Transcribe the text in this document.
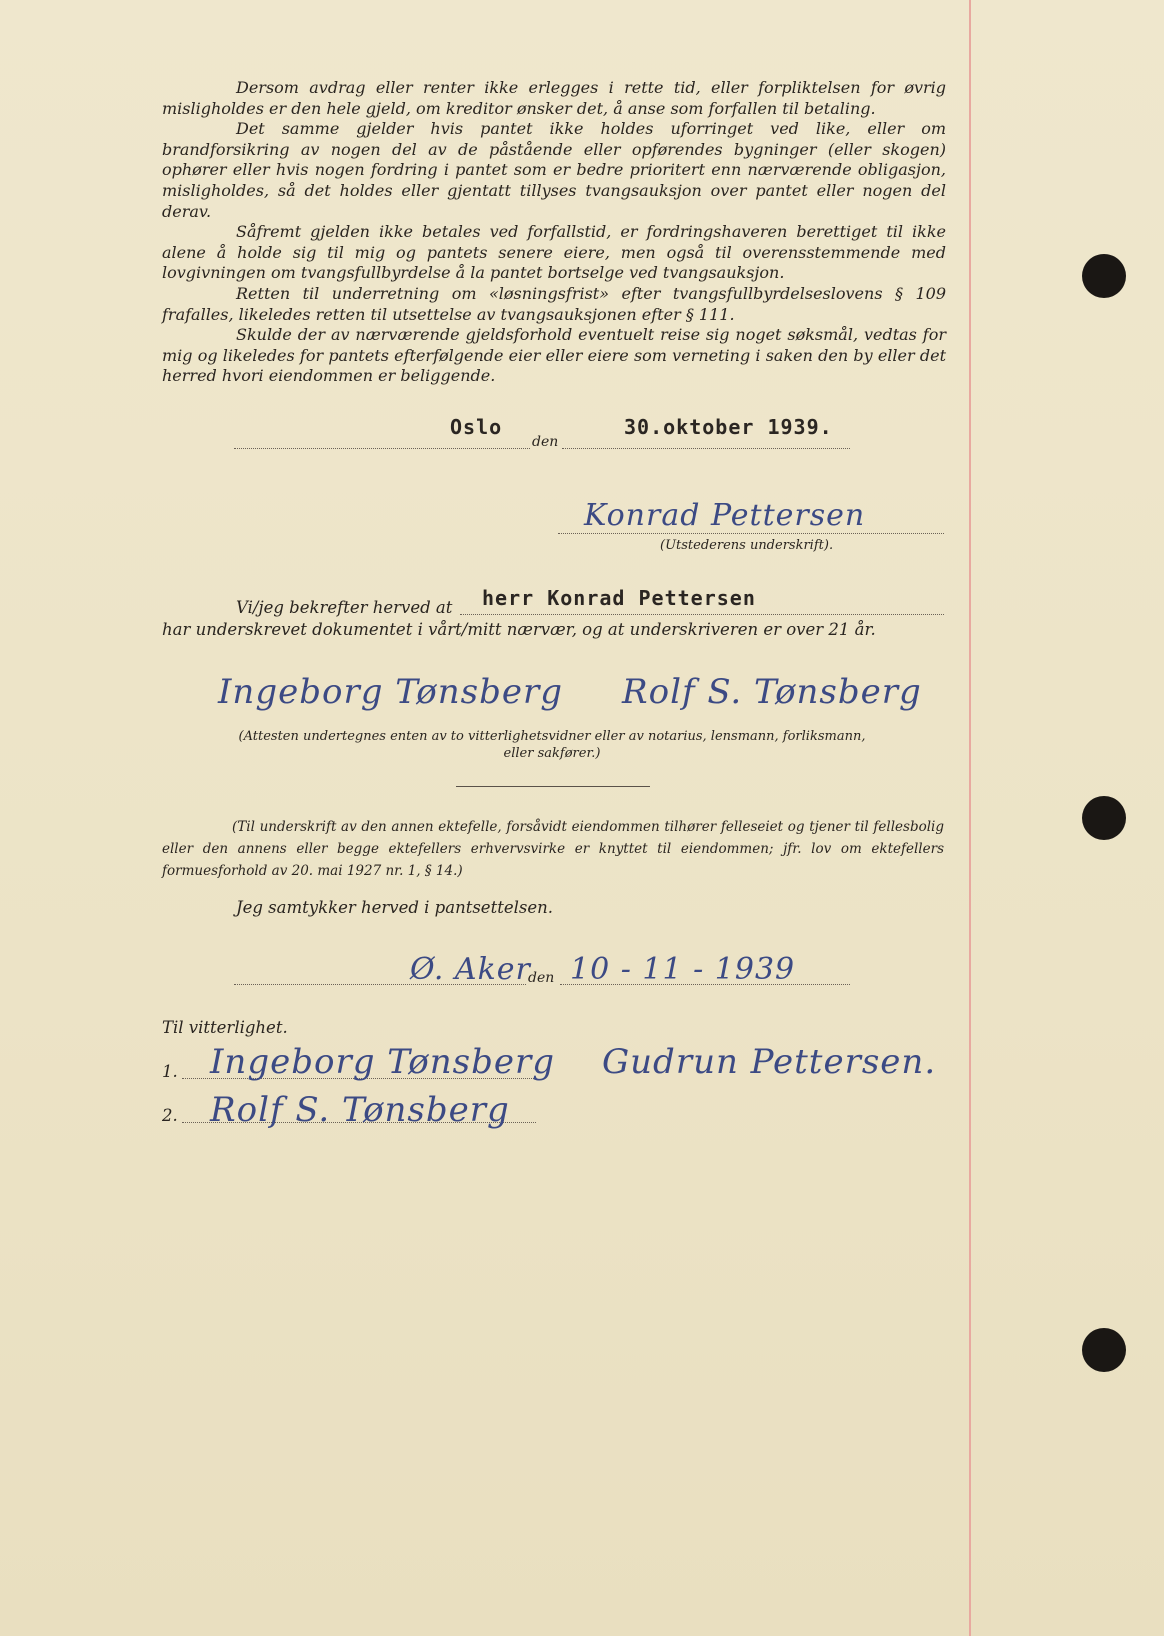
Dersom avdrag eller renter ikke erlegges i rette tid, eller forpliktelsen for øvrig misligholdes er den hele gjeld, om kreditor ønsker det, å anse som forfallen til betaling.

Det samme gjelder hvis pantet ikke holdes uforringet ved like, eller om brandforsikring av nogen del av de påstående eller opførendes bygninger (eller skogen) ophører eller hvis nogen fordring i pantet som er bedre prioritert enn nærværende obligasjon, misligholdes, så det holdes eller gjentatt tillyses tvangsauksjon over pantet eller nogen del derav.

Såfremt gjelden ikke betales ved forfallstid, er fordringshaveren berettiget til ikke alene å holde sig til mig og pantets senere eiere, men også til overensstemmende med lovgivningen om tvangsfullbyrdelse å la pantet bortselge ved tvangsauksjon.

Retten til underretning om «løsningsfrist» efter tvangsfullbyrdelseslovens § 109 frafalles, likeledes retten til utsettelse av tvangsauksjonen efter § 111.

Skulde der av nærværende gjeldsforhold eventuelt reise sig noget søksmål, vedtas for mig og likeledes for pantets efterfølgende eier eller eiere som verneting i saken den by eller det herred hvori eiendommen er beliggende.

Oslo
den
30.oktober 1939.
Konrad Pettersen
(Utstederens underskrift).
Vi/jeg bekrefter herved at herr Konrad Pettersen
har underskrevet dokumentet i vårt/mitt nærvær, og at underskriveren er over 21 år.
Ingeborg Tønsberg Rolf S. Tønsberg
(Attesten undertegnes enten av to vitterlighetsvidner eller av notarius, lensmann, forliksmann, eller sakfører.)
(Til underskrift av den annen ektefelle, forsåvidt eiendommen tilhører felleseiet og tjener til fellesbolig eller den annens eller begge ektefellers erhvervsvirke er knyttet til eiendommen; jfr. lov om ektefellers formuesforhold av 20. mai 1927 nr. 1, § 14.)
Jeg samtykker herved i pantsettelsen.
Ø. Aker
den 10 - 11 - 1939
Til vitterlighet.
1. Ingeborg Tønsberg Gudrun Pettersen.
2. Rolf S. Tønsberg
